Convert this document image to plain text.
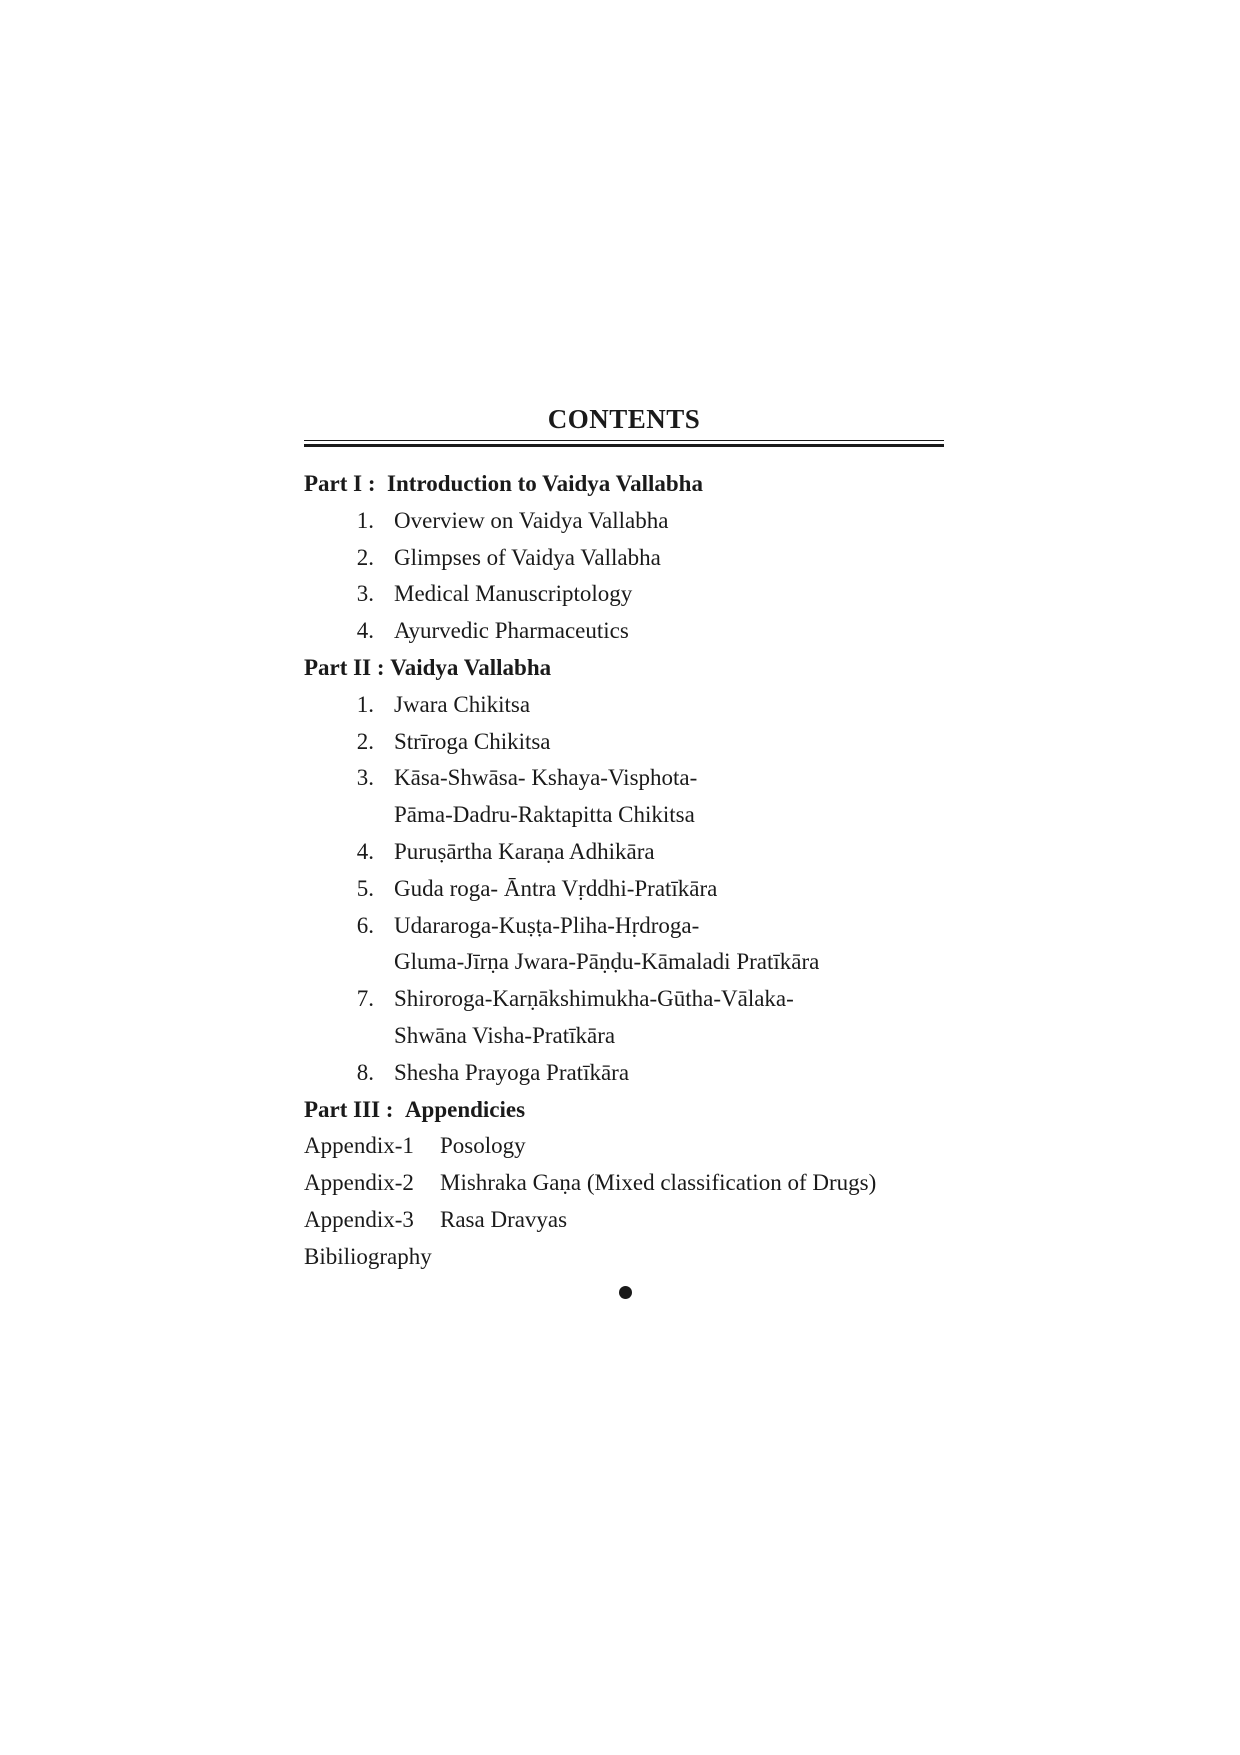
CONTENTS
Part I : Introduction to Vaidya Vallabha
1. Overview on Vaidya Vallabha
2. Glimpses of Vaidya Vallabha
3. Medical Manuscriptology
4. Ayurvedic Pharmaceutics
Part II : Vaidya Vallabha
1. Jwara Chikitsa
2. Strīroga Chikitsa
3. Kāsa-Shwāsa- Kshaya-Visphota-
Pāma-Dadru-Raktapitta Chikitsa
4. Puruṣārtha Karaṇa Adhikāra
5. Guda roga- Āntra Vṛddhi-Pratīkāra
6. Udararoga-Kuṣṭa-Pliha-Hṛdroga-
Gluma-Jīrṇa Jwara-Pāṇḍu-Kāmaladi Pratīkāra
7. Shiroroga-Karṇākshimukha-Gūtha-Vālaka-
Shwāna Visha-Pratīkāra
8. Shesha Prayoga Pratīkāra
Part III : Appendicies
Appendix-1 Posology
Appendix-2 Mishraka Gaṇa (Mixed classification of Drugs)
Appendix-3 Rasa Dravyas
Bibiliography
